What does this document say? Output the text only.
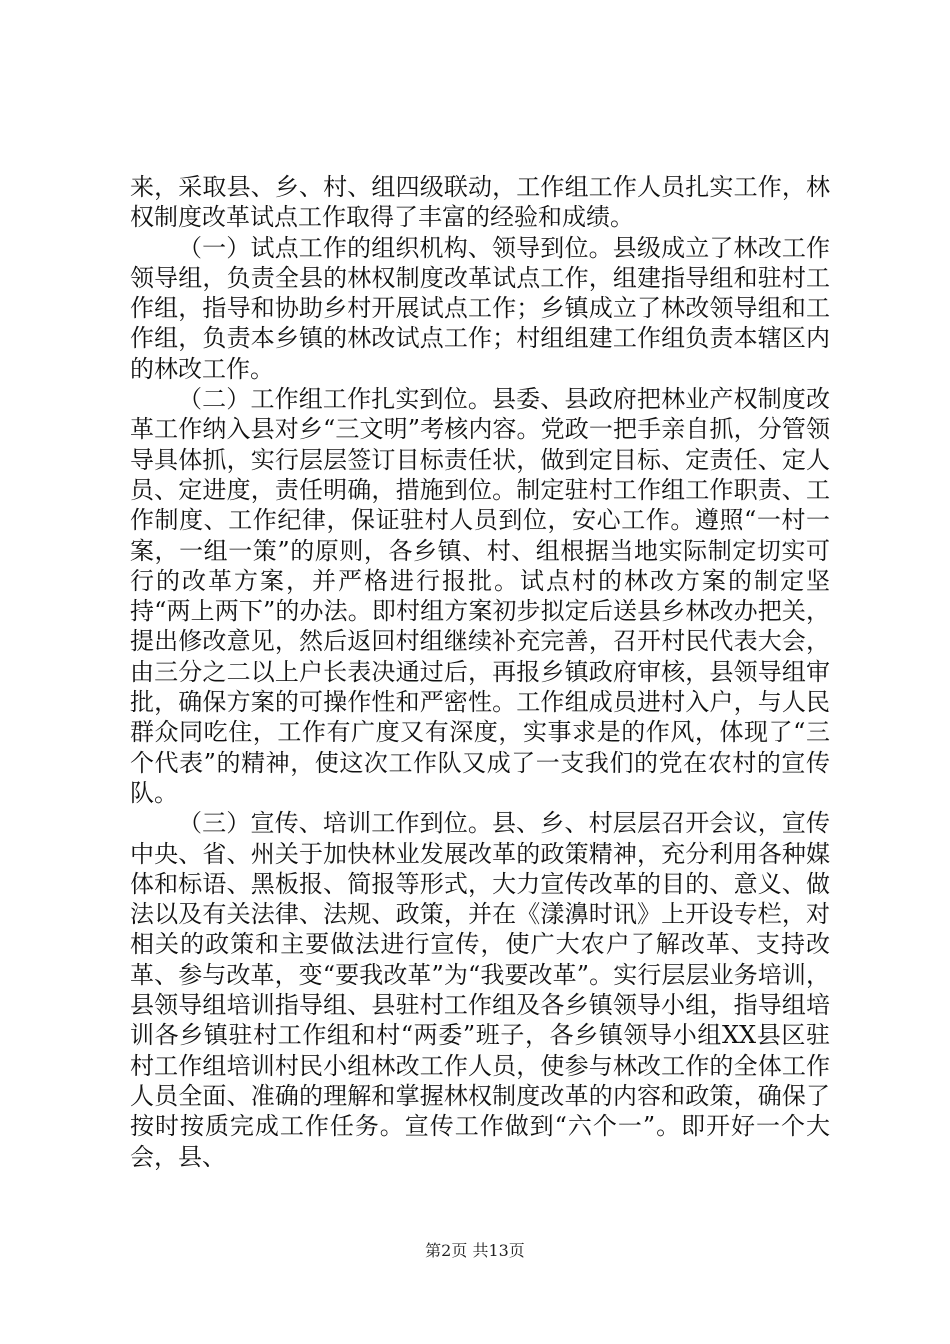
来，采取县、乡、村、组四级联动，工作组工作人员扎实工作，林权制度改革试点工作取得了丰富的经验和成绩。

（一）试点工作的组织机构、领导到位。县级成立了林改工作领导组，负责全县的林权制度改革试点工作，组建指导组和驻村工作组，指导和协助乡村开展试点工作；乡镇成立了林改领导组和工作组，负责本乡镇的林改试点工作；村组组建工作组负责本辖区内的林改工作。

（二）工作组工作扎实到位。县委、县政府把林业产权制度改革工作纳入县对乡“三文明”考核内容。党政一把手亲自抓，分管领导具体抓，实行层层签订目标责任状，做到定目标、定责任、定人员、定进度，责任明确，措施到位。制定驻村工作组工作职责、工作制度、工作纪律，保证驻村人员到位，安心工作。遵照“一村一案，一组一策”的原则，各乡镇、村、组根据当地实际制定切实可行的改革方案，并严格进行报批。试点村的林改方案的制定坚持“两上两下”的办法。即村组方案初步拟定后送县乡林改办把关，提出修改意见，然后返回村组继续补充完善，召开村民代表大会，由三分之二以上户长表决通过后，再报乡镇政府审核，县领导组审批，确保方案的可操作性和严密性。工作组成员进村入户，与人民群众同吃住，工作有广度又有深度，实事求是的作风，体现了“三个代表”的精神，使这次工作队又成了一支我们的党在农村的宣传队。

（三）宣传、培训工作到位。县、乡、村层层召开会议，宣传中央、省、州关于加快林业发展改革的政策精神，充分利用各种媒体和标语、黑板报、简报等形式，大力宣传改革的目的、意义、做法以及有关法律、法规、政策，并在《漾濞时讯》上开设专栏，对相关的政策和主要做法进行宣传，使广大农户了解改革、支持改革、参与改革，变“要我改革”为“我要改革”。实行层层业务培训，县领导组培训指导组、县驻村工作组及各乡镇领导小组，指导组培训各乡镇驻村工作组和村“两委”班子，各乡镇领导小组XX县区驻村工作组培训村民小组林改工作人员，使参与林改工作的全体工作人员全面、准确的理解和掌握林权制度改革的内容和政策，确保了按时按质完成工作任务。宣传工作做到“六个一”。即开好一个大会，县、

第2页 共13页
